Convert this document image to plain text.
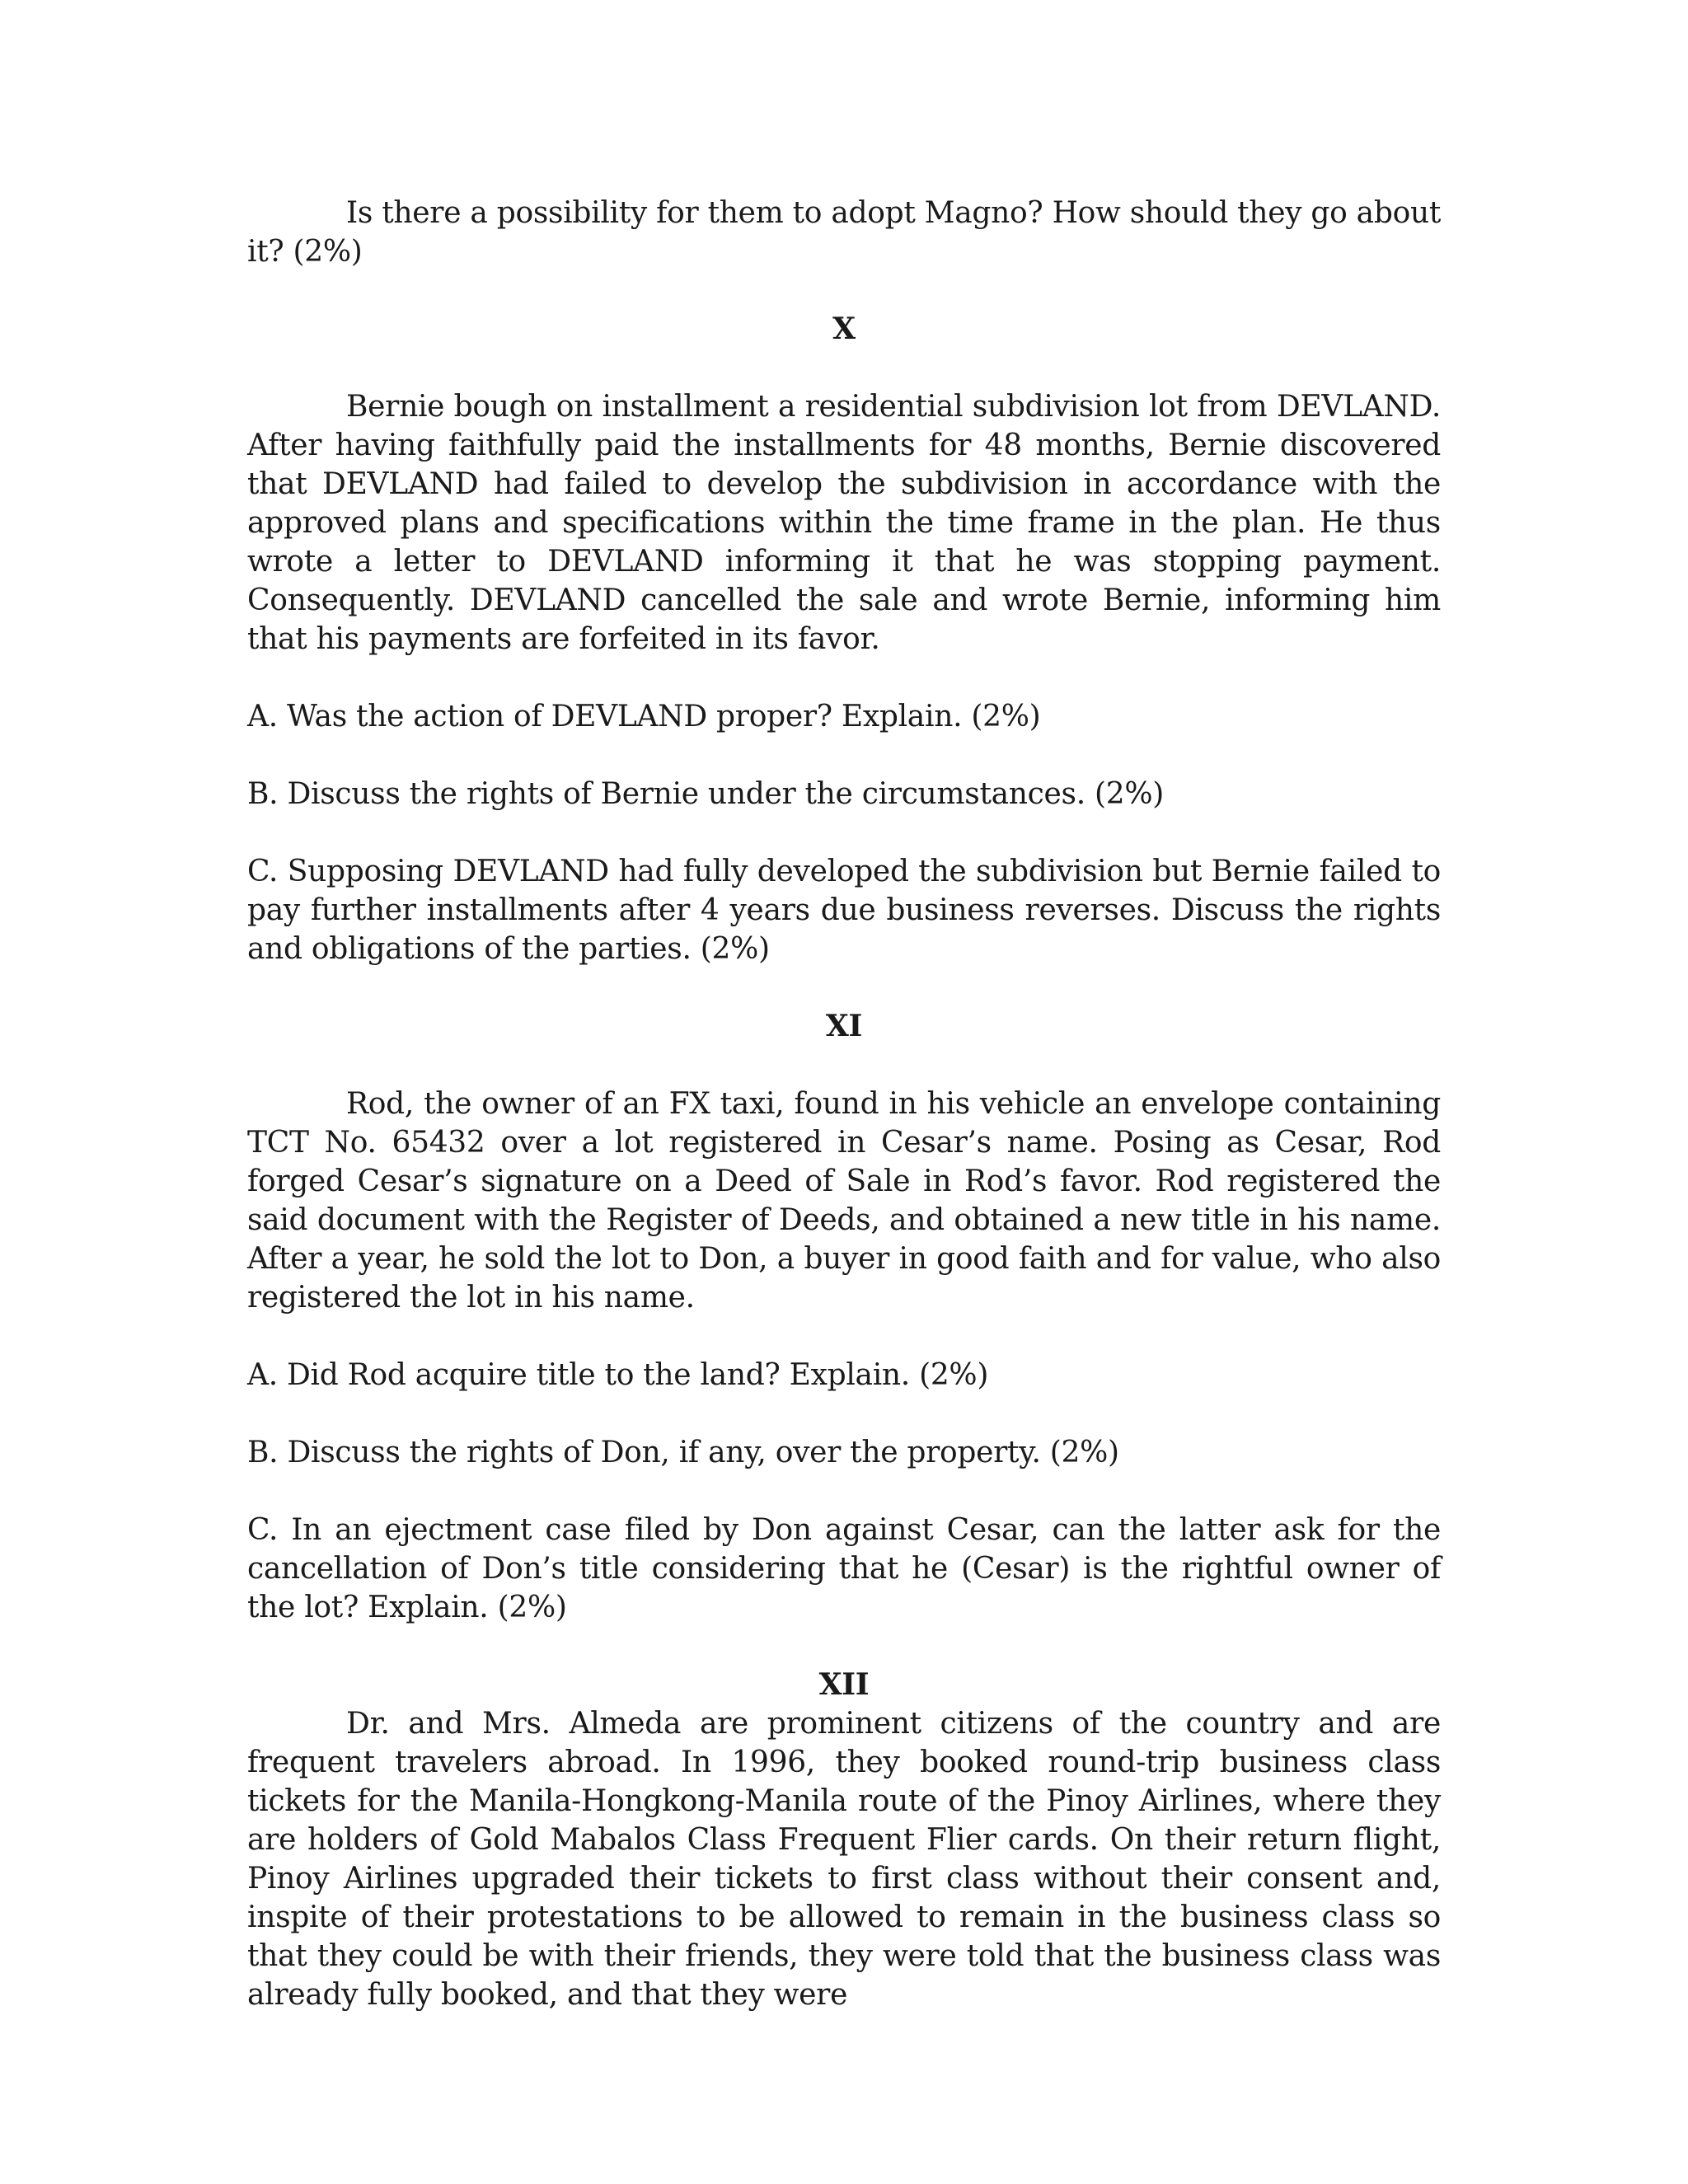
Is there a possibility for them to adopt Magno? How should they go about it? (2%)

X

Bernie bough on installment a residential subdivision lot from DEVLAND. After having faithfully paid the installments for 48 months, Bernie discovered that DEVLAND had failed to develop the subdivision in accordance with the approved plans and specifications within the time frame in the plan. He thus wrote a letter to DEVLAND informing it that he was stopping payment. Consequently. DEVLAND cancelled the sale and wrote Bernie, informing him that his payments are forfeited in its favor.

A. Was the action of DEVLAND proper? Explain. (2%)

B. Discuss the rights of Bernie under the circumstances. (2%)

C. Supposing DEVLAND had fully developed the subdivision but Bernie failed to pay further installments after 4 years due business reverses. Discuss the rights and obligations of the parties. (2%)

XI

Rod, the owner of an FX taxi, found in his vehicle an envelope containing TCT No. 65432 over a lot registered in Cesar’s name. Posing as Cesar, Rod forged Cesar’s signature on a Deed of Sale in Rod’s favor. Rod registered the said document with the Register of Deeds, and obtained a new title in his name. After a year, he sold the lot to Don, a buyer in good faith and for value, who also registered the lot in his name.

A. Did Rod acquire title to the land? Explain. (2%)

B. Discuss the rights of Don, if any, over the property. (2%)

C. In an ejectment case filed by Don against Cesar, can the latter ask for the cancellation of Don’s title considering that he (Cesar) is the rightful owner of the lot? Explain. (2%)

XII

Dr. and Mrs. Almeda are prominent citizens of the country and are frequent travelers abroad. In 1996, they booked round-trip business class tickets for the Manila-Hongkong-Manila route of the Pinoy Airlines, where they are holders of Gold Mabalos Class Frequent Flier cards. On their return flight, Pinoy Airlines upgraded their tickets to first class without their consent and, inspite of their protestations to be allowed to remain in the business class so that they could be with their friends, they were told that the business class was already fully booked, and that they were
